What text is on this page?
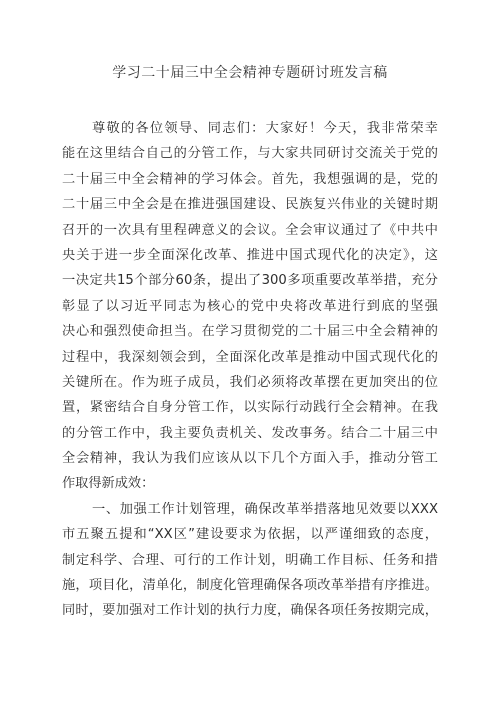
学习二十届三中全会精神专题研讨班发言稿
尊敬的各位领导、同志们：大家好！今天，我非常荣幸
能在这里结合自己的分管工作，与大家共同研讨交流关于党的
二十届三中全会精神的学习体会。首先，我想强调的是，党的
二十届三中全会是在推进强国建设、民族复兴伟业的关键时期
召开的一次具有里程碑意义的会议。全会审议通过了《中共中
央关于进一步全面深化改革、推进中国式现代化的决定》，这
一决定共15个部分60条，提出了300多项重要改革举措，充分
彰显了以习近平同志为核心的党中央将改革进行到底的坚强
决心和强烈使命担当。在学习贯彻党的二十届三中全会精神的
过程中，我深刻领会到，全面深化改革是推动中国式现代化的
关键所在。作为班子成员，我们必须将改革摆在更加突出的位
置，紧密结合自身分管工作，以实际行动践行全会精神。在我
的分管工作中，我主要负责机关、发改事务。结合二十届三中
全会精神，我认为我们应该从以下几个方面入手，推动分管工
作取得新成效：
一、加强工作计划管理，确保改革举措落地见效要以XXX
市五聚五提和“XX区”建设要求为依据，以严谨细致的态度，
制定科学、合理、可行的工作计划，明确工作目标、任务和措
施，项目化，清单化，制度化管理确保各项改革举措有序推进。
同时，要加强对工作计划的执行力度，确保各项任务按期完成，
